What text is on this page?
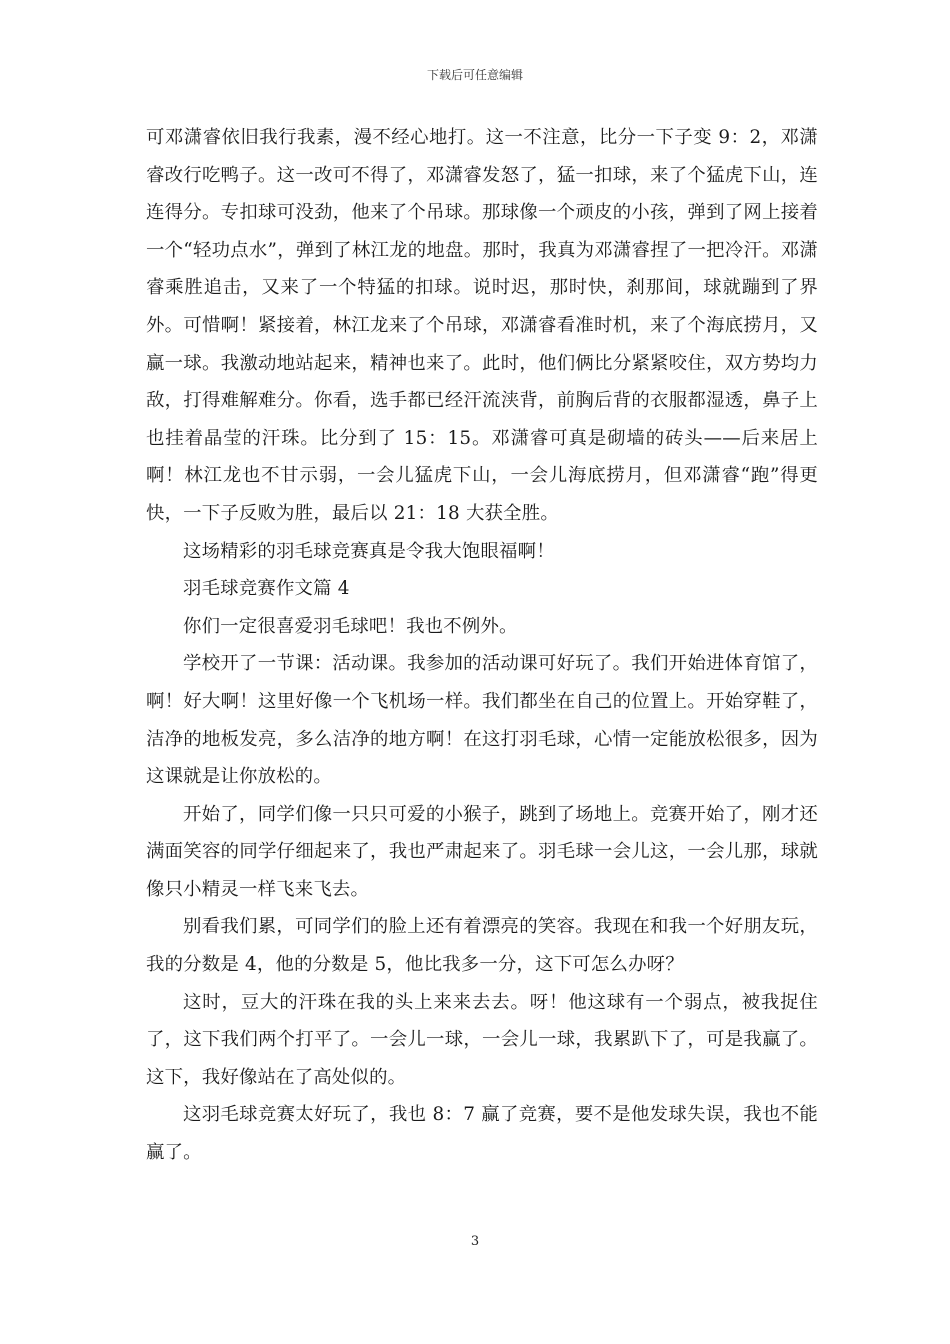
下载后可任意编辑

可邓潇睿依旧我行我素，漫不经心地打。这一不注意，比分一下子变 9：2，邓潇睿改行吃鸭子。这一改可不得了，邓潇睿发怒了，猛一扣球，来了个猛虎下山，连连得分。专扣球可没劲，他来了个吊球。那球像一个顽皮的小孩，弹到了网上接着一个“轻功点水”，弹到了林江龙的地盘。那时，我真为邓潇睿捏了一把冷汗。邓潇睿乘胜追击，又来了一个特猛的扣球。说时迟，那时快，刹那间，球就蹦到了界外。可惜啊！紧接着，林江龙来了个吊球，邓潇睿看准时机，来了个海底捞月，又赢一球。我激动地站起来，精神也来了。此时，他们俩比分紧紧咬住，双方势均力敌，打得难解难分。你看，选手都已经汗流浃背，前胸后背的衣服都湿透，鼻子上也挂着晶莹的汗珠。比分到了 15：15。邓潇睿可真是砌墙的砖头——后来居上啊！林江龙也不甘示弱，一会儿猛虎下山，一会儿海底捞月，但邓潇睿“跑”得更快，一下子反败为胜，最后以 21：18 大获全胜。

这场精彩的羽毛球竞赛真是令我大饱眼福啊！

羽毛球竞赛作文篇 4

你们一定很喜爱羽毛球吧！我也不例外。

学校开了一节课：活动课。我参加的活动课可好玩了。我们开始进体育馆了，啊！好大啊！这里好像一个飞机场一样。我们都坐在自己的位置上。开始穿鞋了，洁净的地板发亮，多么洁净的地方啊！在这打羽毛球，心情一定能放松很多，因为这课就是让你放松的。

开始了，同学们像一只只可爱的小猴子，跳到了场地上。竞赛开始了，刚才还满面笑容的同学仔细起来了，我也严肃起来了。羽毛球一会儿这，一会儿那，球就像只小精灵一样飞来飞去。

别看我们累，可同学们的脸上还有着漂亮的笑容。我现在和我一个好朋友玩，我的分数是 4，他的分数是 5，他比我多一分，这下可怎么办呀？

这时，豆大的汗珠在我的头上来来去去。呀！他这球有一个弱点，被我捉住了，这下我们两个打平了。一会儿一球，一会儿一球，我累趴下了，可是我赢了。这下，我好像站在了高处似的。

这羽毛球竞赛太好玩了，我也 8：7 赢了竞赛，要不是他发球失误，我也不能赢了。

3
